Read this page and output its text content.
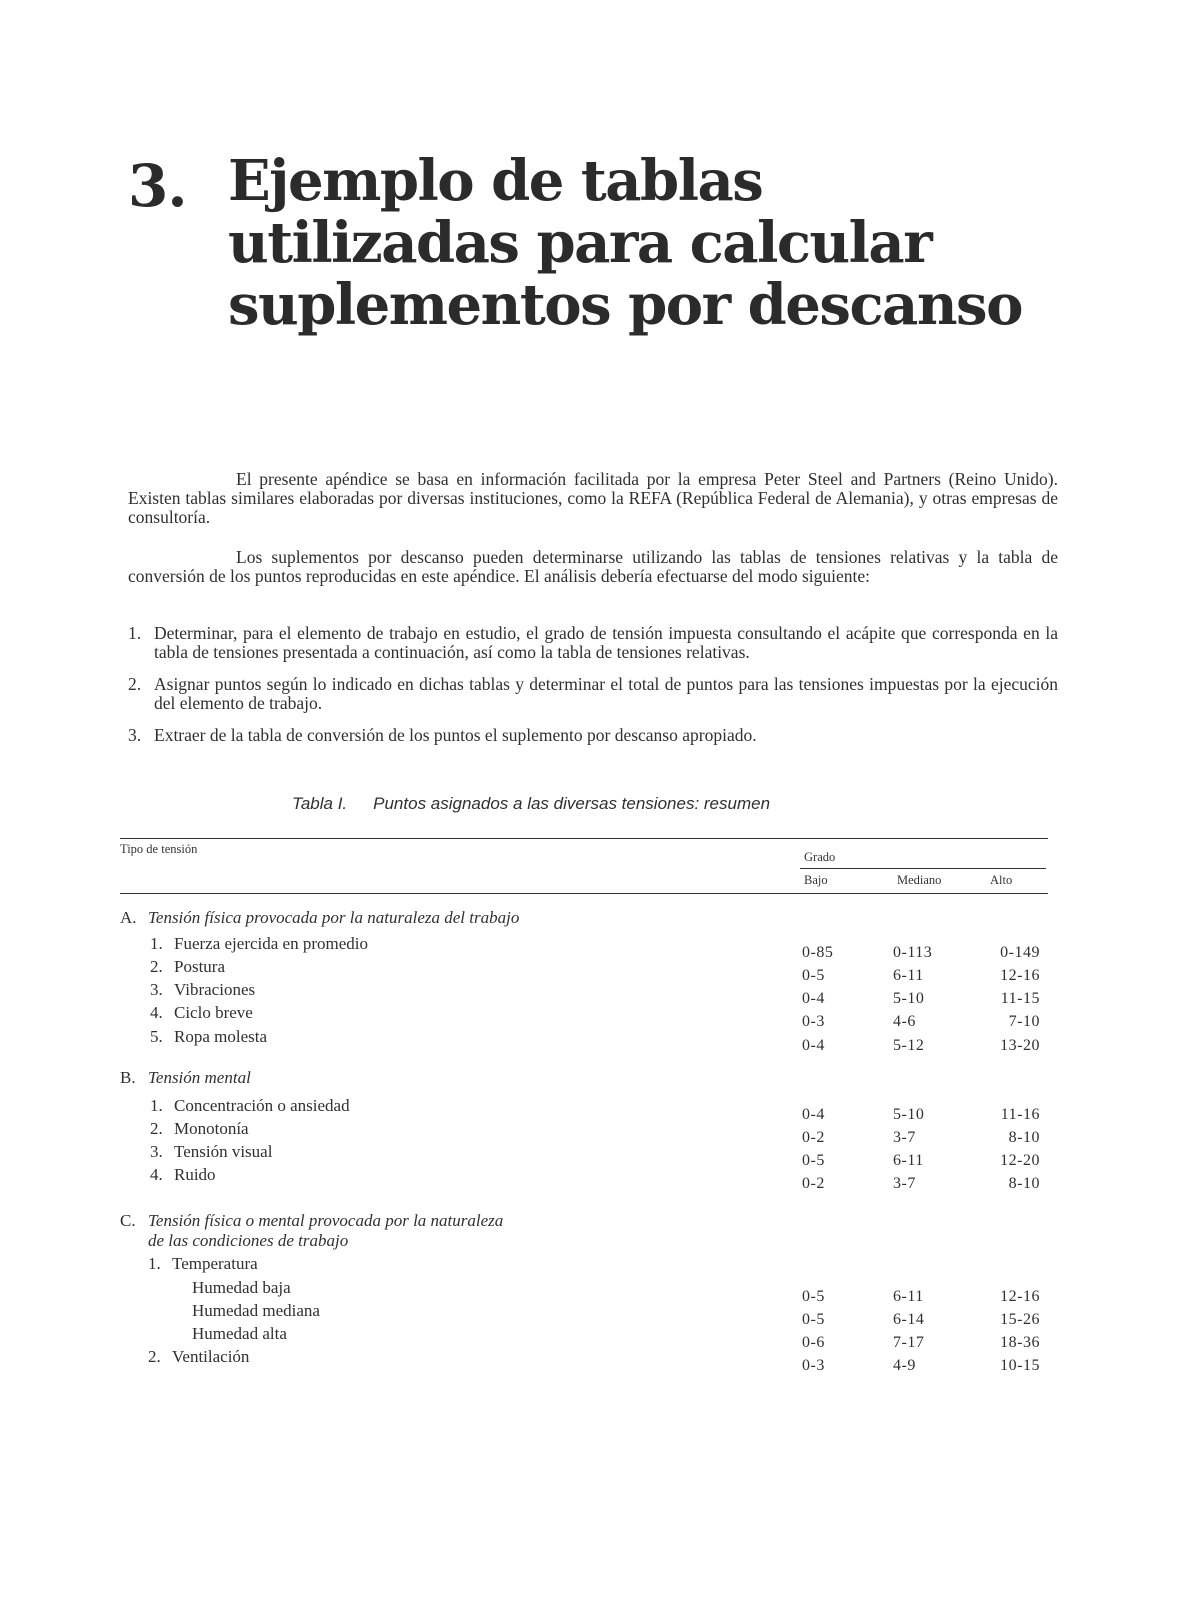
3. Ejemplo de tablas
utilizadas para calcular
suplementos por descanso
El presente apéndice se basa en información facilitada por la empresa Peter Steel and Partners (Reino Unido). Existen tablas similares elaboradas por diversas instituciones, como la REFA (República Federal de Alemania), y otras empresas de consultoría.
Los suplementos por descanso pueden determinarse utilizando las tablas de tensiones relativas y la tabla de conversión de los puntos reproducidas en este apéndice. El análisis debería efectuarse del modo siguiente:
1. Determinar, para el elemento de trabajo en estudio, el grado de tensión impuesta consultando el acápite que corresponda en la tabla de tensiones presentada a continuación, así como la tabla de tensiones relativas.
2. Asignar puntos según lo indicado en dichas tablas y determinar el total de puntos para las tensiones impuestas por la ejecución del elemento de trabajo.
3. Extraer de la tabla de conversión de los puntos el suplemento por descanso apropiado.
Tabla I. Puntos asignados a las diversas tensiones: resumen
Tipo de tensión
Grado
Bajo	Mediano	Alto
A. Tensión física provocada por la naturaleza del trabajo
1. Fuerza ejercida en promedio	0-85	0-113	0-149
2. Postura	0-5	6-11	12-16
3. Vibraciones	0-4	5-10	11-15
4. Ciclo breve	0-3	4-6	7-10
5. Ropa molesta	0-4	5-12	13-20
B. Tensión mental
1. Concentración o ansiedad	0-4	5-10	11-16
2. Monotonía	0-2	3-7	8-10
3. Tensión visual	0-5	6-11	12-20
4. Ruido	0-2	3-7	8-10
C. Tensión física o mental provocada por la naturaleza
de las condiciones de trabajo
1. Temperatura
Humedad baja	0-5	6-11	12-16
Humedad mediana	0-5	6-14	15-26
Humedad alta	0-6	7-17	18-36
2. Ventilación	0-3	4-9	10-15
